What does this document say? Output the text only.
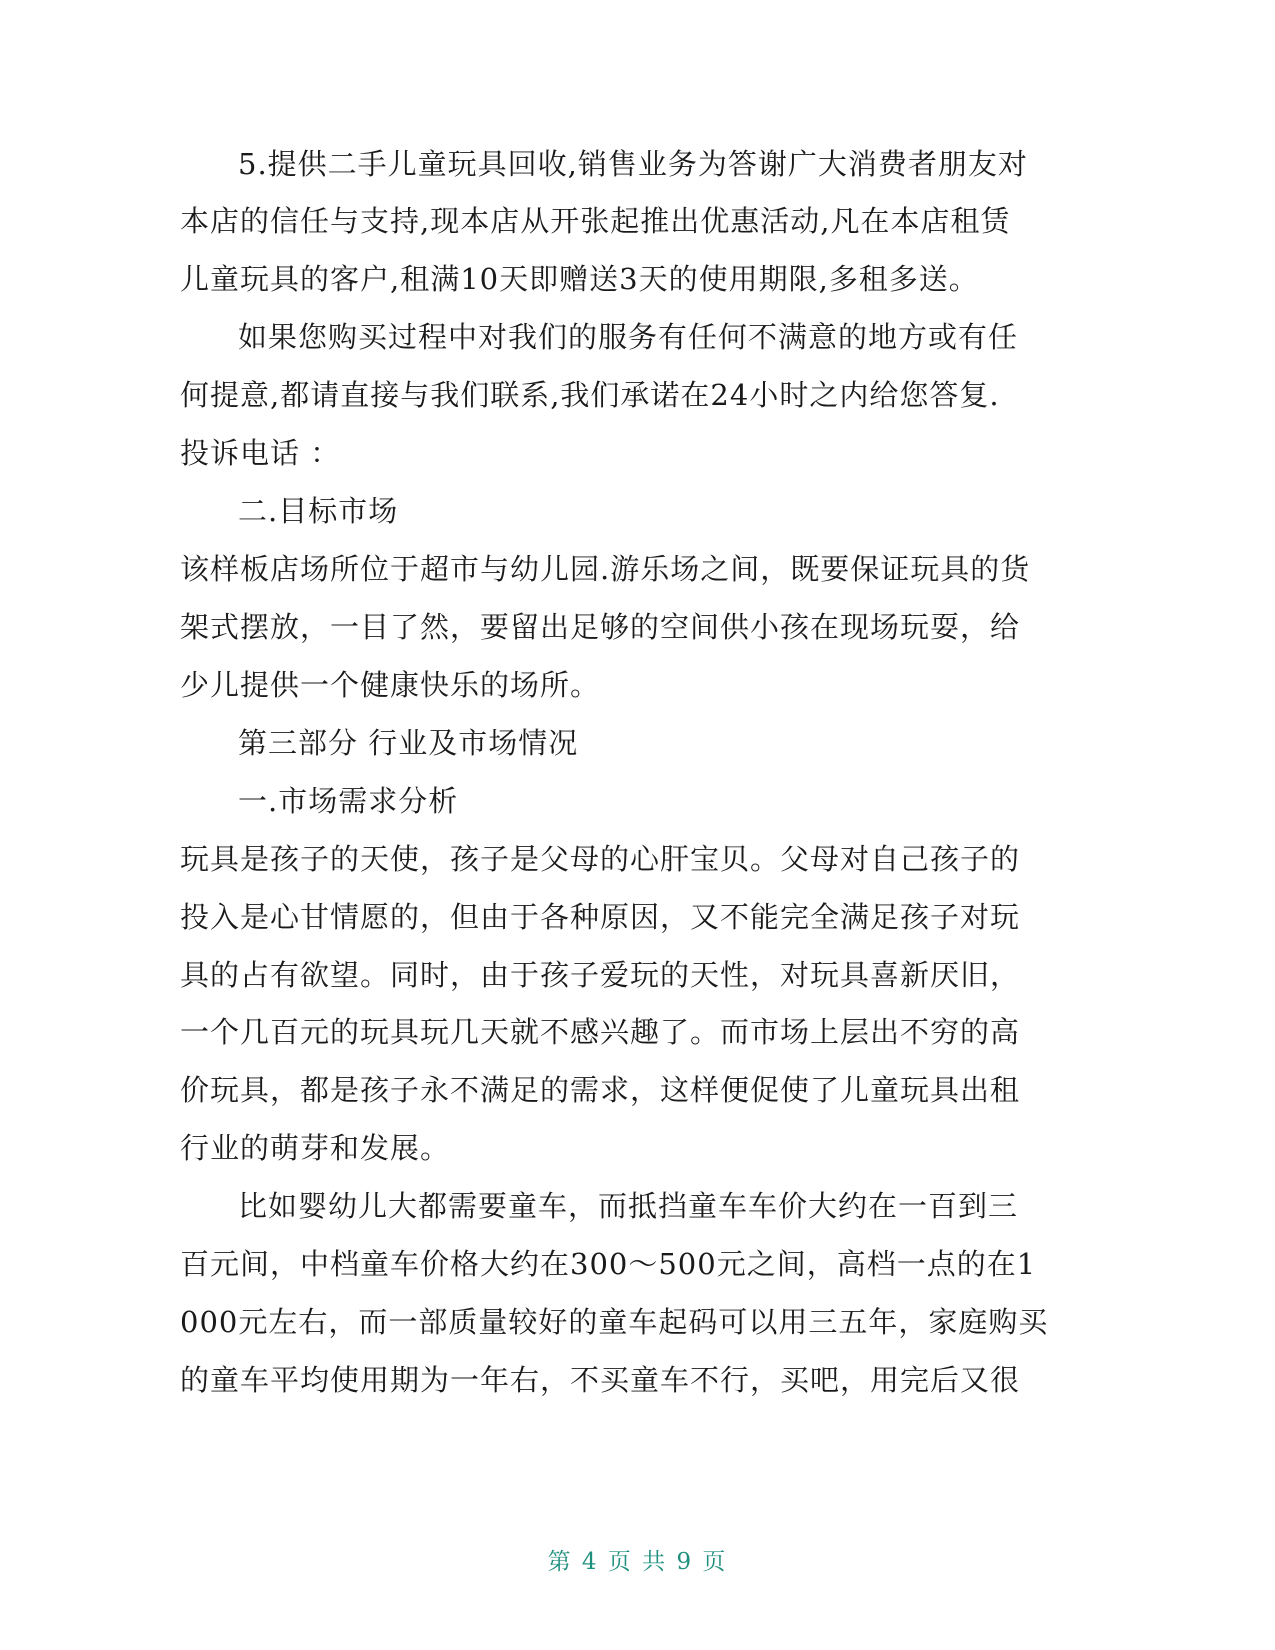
5.提供二手儿童玩具回收,销售业务为答谢广大消费者朋友对
本店的信任与支持,现本店从开张起推出优惠活动,凡在本店租赁
儿童玩具的客户,租满10天即赠送3天的使用期限,多租多送。
如果您购买过程中对我们的服务有任何不满意的地方或有任
何提意,都请直接与我们联系,我们承诺在24小时之内给您答复.
投诉电话 ：
二.目标市场
该样板店场所位于超市与幼儿园.游乐场之间，既要保证玩具的货
架式摆放，一目了然，要留出足够的空间供小孩在现场玩耍，给
少儿提供一个健康快乐的场所。
第三部分 行业及市场情况
一.市场需求分析
玩具是孩子的天使，孩子是父母的心肝宝贝。父母对自己孩子的
投入是心甘情愿的，但由于各种原因，又不能完全满足孩子对玩
具的占有欲望。同时，由于孩子爱玩的天性，对玩具喜新厌旧，
一个几百元的玩具玩几天就不感兴趣了。而市场上层出不穷的高
价玩具，都是孩子永不满足的需求，这样便促使了儿童玩具出租
行业的萌芽和发展。
比如婴幼儿大都需要童车，而抵挡童车车价大约在一百到三
百元间，中档童车价格大约在300～500元之间，高档一点的在1
000元左右，而一部质量较好的童车起码可以用三五年，家庭购买
的童车平均使用期为一年右，不买童车不行，买吧，用完后又很
第 4 页 共 9 页
